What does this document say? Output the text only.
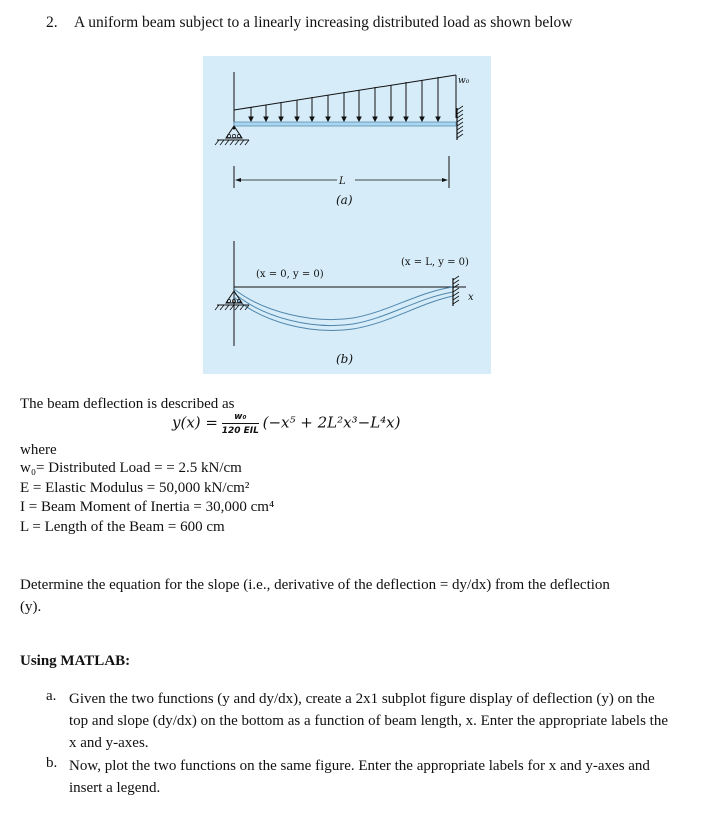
2. A uniform beam subject to a linearly increasing distributed load as shown below
w₀
L
(a)
(x = 0, y = 0)
(x = L, y = 0)
x
(b)
The beam deflection is described as
$y(x) = \frac{\text{w₀}}{\text{120 EIL}} (-x^5 + 2L^2x^3-L^4x)$
where
w₀= Distributed Load = = 2.5 kN/cm
E = Elastic Modulus = 50,000 kN/cm²
I = Beam Moment of Inertia = 30,000 cm⁴
L = Length of the Beam = 600 cm
Determine the equation for the slope (i.e., derivative of the deflection = dy/dx) from the deflection (y).
Using MATLAB:
a. Given the two functions (y and dy/dx), create a 2x1 subplot figure display of deflection (y) on the top and slope (dy/dx) on the bottom as a function of beam length, x. Enter the appropriate labels the x and y-axes.
b. Now, plot the two functions on the same figure. Enter the appropriate labels for x and y-axes and insert a legend.
